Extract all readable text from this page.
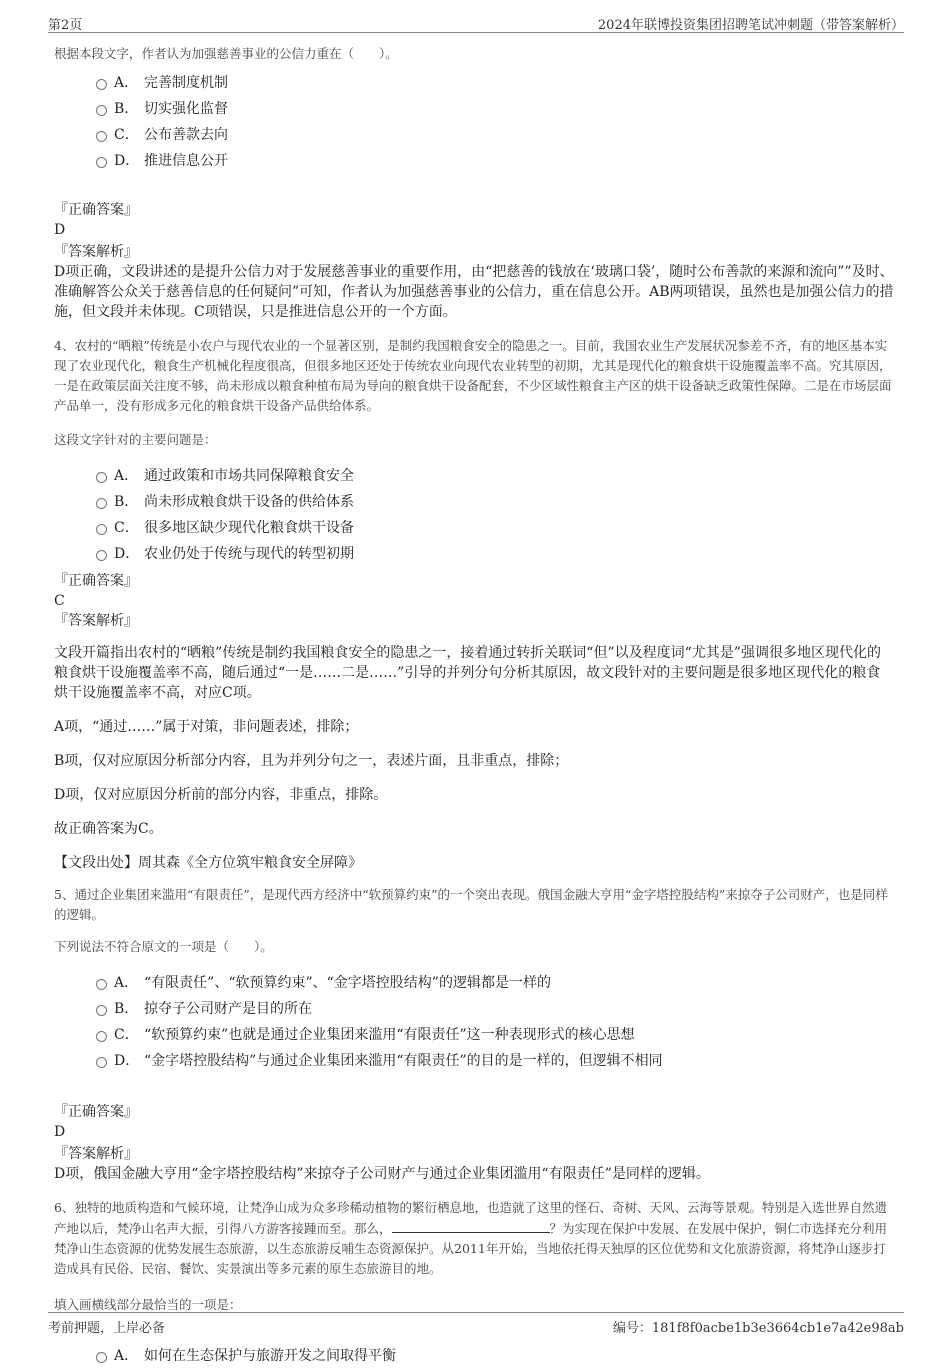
第2页	2024年联博投资集团招聘笔试冲刺题（带答案解析）

根据本段文字，作者认为加强慈善事业的公信力重在（　　）。

A． 完善制度机制
B． 切实强化监督
C． 公布善款去向
D． 推进信息公开

『正确答案』

D

『答案解析』

D项正确，文段讲述的是提升公信力对于发展慈善事业的重要作用，由“把慈善的钱放在‘玻璃口袋’，随时公布善款的来源和流向””及时、准确解答公众关于慈善信息的任何疑问”可知，作者认为加强慈善事业的公信力，重在信息公开。AB两项错误，虽然也是加强公信力的措施，但文段并未体现。C项错误，只是推进信息公开的一个方面。

4、农村的“晒粮”传统是小农户与现代农业的一个显著区别，是制约我国粮食安全的隐患之一。目前，我国农业生产发展状况参差不齐，有的地区基本实现了农业现代化，粮食生产机械化程度很高，但很多地区还处于传统农业向现代农业转型的初期，尤其是现代化的粮食烘干设施覆盖率不高。究其原因，一是在政策层面关注度不够，尚未形成以粮食种植布局为导向的粮食烘干设备配套，不少区域性粮食主产区的烘干设备缺乏政策性保障。二是在市场层面产品单一，没有形成多元化的粮食烘干设备产品供给体系。

这段文字针对的主要问题是：

A． 通过政策和市场共同保障粮食安全
B． 尚未形成粮食烘干设备的供给体系
C． 很多地区缺少现代化粮食烘干设备
D． 农业仍处于传统与现代的转型初期

『正确答案』

C

『答案解析』

文段开篇指出农村的“晒粮”传统是制约我国粮食安全的隐患之一，接着通过转折关联词“但”以及程度词“尤其是”强调很多地区现代化的粮食烘干设施覆盖率不高，随后通过“一是……二是……”引导的并列分句分析其原因，故文段针对的主要问题是很多地区现代化的粮食烘干设施覆盖率不高，对应C项。

A项，“通过……”属于对策，非问题表述，排除；

B项，仅对应原因分析部分内容，且为并列分句之一，表述片面，且非重点，排除；

D项，仅对应原因分析前的部分内容，非重点，排除。

故正确答案为C。

【文段出处】周其森《全方位筑牢粮食安全屏障》

5、通过企业集团来滥用“有限责任”，是现代西方经济中“软预算约束”的一个突出表现。俄国金融大亨用“金字塔控股结构”来掠夺子公司财产，也是同样的逻辑。

下列说法不符合原文的一项是（　　）。

A． “有限责任”、“软预算约束”、“金字塔控股结构”的逻辑都是一样的
B． 掠夺子公司财产是目的所在
C． “软预算约束”也就是通过企业集团来滥用“有限责任”这一种表现形式的核心思想
D． “金字塔控股结构”与通过企业集团来滥用“有限责任”的目的是一样的，但逻辑不相同

『正确答案』

D

『答案解析』

D项，俄国金融大亨用“金字塔控股结构”来掠夺子公司财产与通过企业集团滥用“有限责任”是同样的逻辑。

6、独特的地质构造和气候环境，让梵净山成为众多珍稀动植物的繁衍栖息地，也造就了这里的怪石、奇树、天风、云海等景观。特别是入选世界自然遗产地以后，梵净山名声大振，引得八方游客接踵而至。那么，	？为实现在保护中发展、在发展中保护，铜仁市选择充分利用梵净山生态资源的优势发展生态旅游，以生态旅游反哺生态资源保护。从2011年开始，当地依托得天独厚的区位优势和文化旅游资源，将梵净山逐步打造成具有民俗、民宿、餐饮、实景演出等多元素的原生态旅游目的地。

填入画横线部分最恰当的一项是：

A． 如何在生态保护与旅游开发之间取得平衡
考前押题，上岸必备	编号：181f8f0acbe1b3e3664cb1e7a42e98ab
